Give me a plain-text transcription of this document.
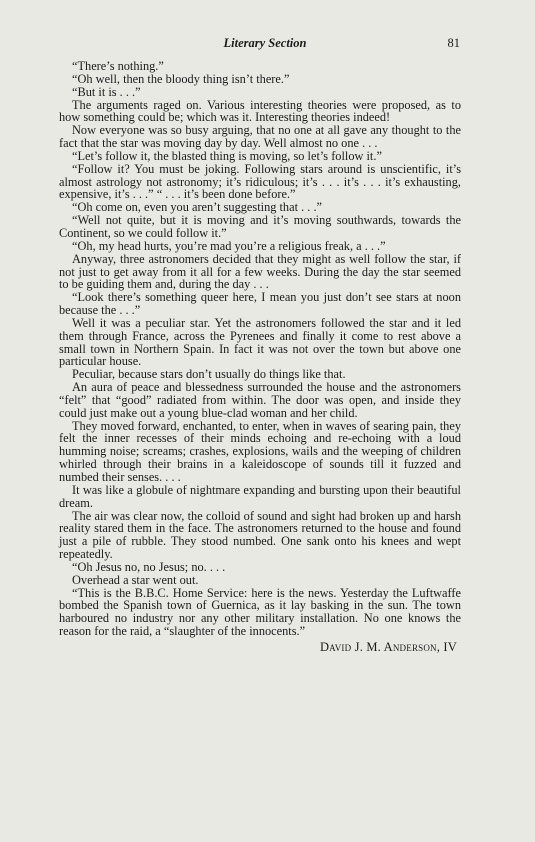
Literary Section	81

“There’s nothing.”

“Oh well, then the bloody thing isn’t there.”

“But it is . . .”

The arguments raged on. Various interesting theories were proposed, as to how something could be; which was it. Interesting theories indeed!

Now everyone was so busy arguing, that no one at all gave any thought to the fact that the star was moving day by day. Well almost no one . . .

“Let’s follow it, the blasted thing is moving, so let’s follow it.”

“Follow it? You must be joking. Following stars around is unscientific, it’s almost astrology not astronomy; it’s ridiculous; it’s . . . it’s . . . it’s exhausting, expensive, it’s . . .” “ . . . it’s been done before.”

“Oh come on, even you aren’t suggesting that . . .”

“Well not quite, but it is moving and it’s moving southwards, towards the Continent, so we could follow it.”

“Oh, my head hurts, you’re mad you’re a religious freak, a . . .”

Anyway, three astronomers decided that they might as well follow the star, if not just to get away from it all for a few weeks. During the day the star seemed to be guiding them and, during the day . . .

“Look there’s something queer here, I mean you just don’t see stars at noon because the . . .”

Well it was a peculiar star. Yet the astronomers followed the star and it led them through France, across the Pyrenees and finally it come to rest above a small town in Northern Spain. In fact it was not over the town but above one particular house.

Peculiar, because stars don’t usually do things like that.

An aura of peace and blessedness surrounded the house and the astronomers “felt” that “good” radiated from within. The door was open, and inside they could just make out a young blue-clad woman and her child.

They moved forward, enchanted, to enter, when in waves of searing pain, they felt the inner recesses of their minds echoing and re-echoing with a loud humming noise; screams; crashes, explosions, wails and the weeping of children whirled through their brains in a kaleidoscope of sounds till it fuzzed and numbed their senses. . . .

It was like a globule of nightmare expanding and bursting upon their beautiful dream.

The air was clear now, the colloid of sound and sight had broken up and harsh reality stared them in the face. The astronomers returned to the house and found just a pile of rubble. They stood numbed. One sank onto his knees and wept repeatedly.

“Oh Jesus no, no Jesus; no. . . .

Overhead a star went out.

“This is the B.B.C. Home Service: here is the news. Yesterday the Luftwaffe bombed the Spanish town of Guernica, as it lay basking in the sun. The town harboured no industry nor any other military installation. No one knows the reason for the raid, a “slaughter of the innocents.”

David J. M. Anderson, IV
